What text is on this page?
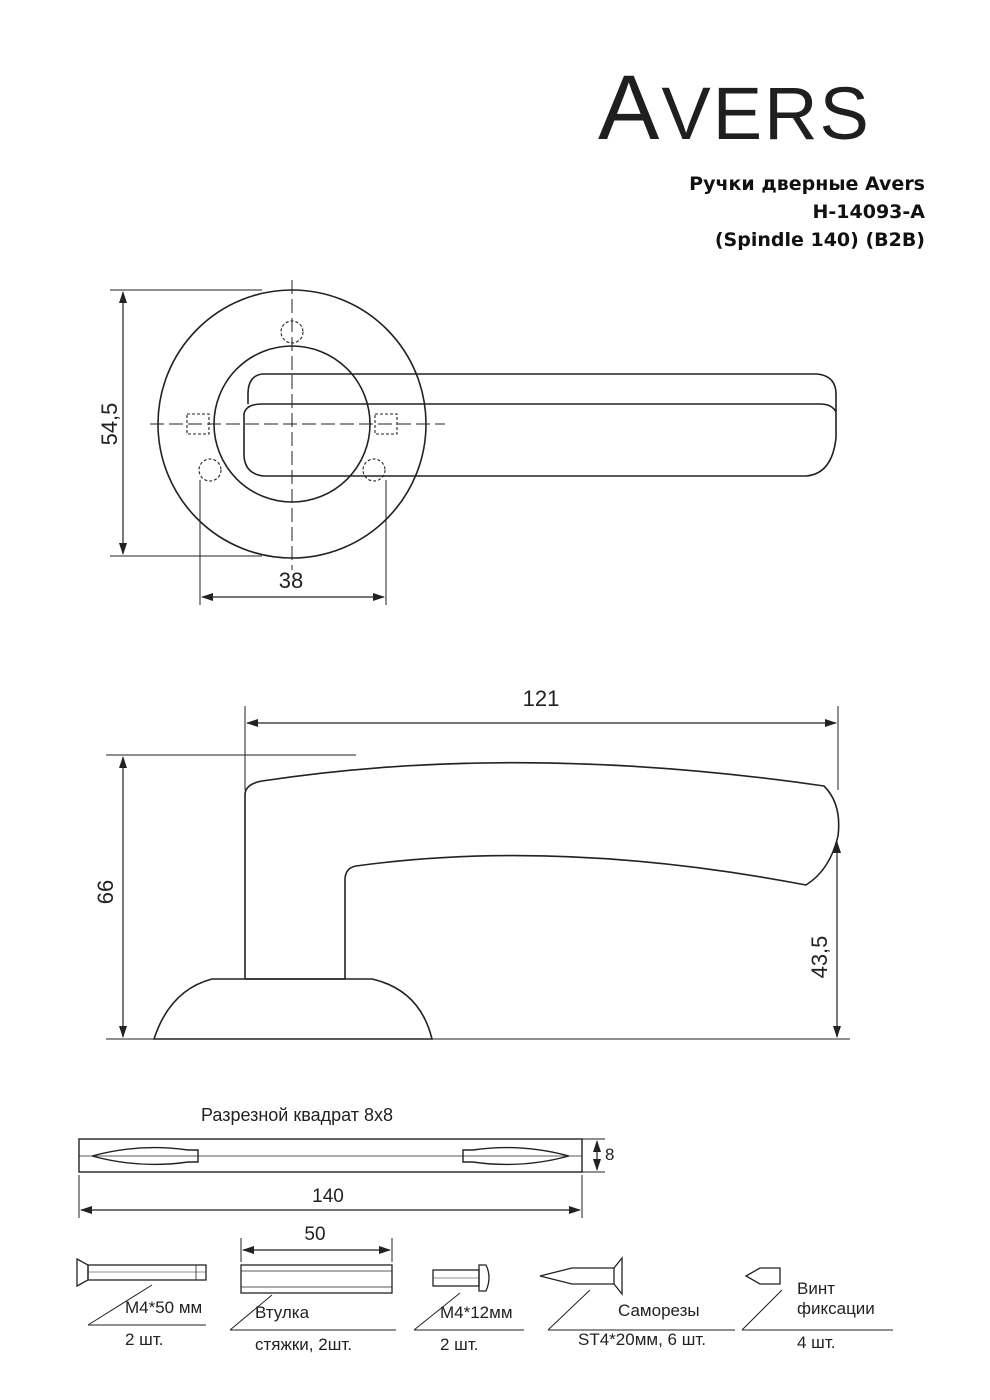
AVERS
Ручки дверные Avers
H-14093-A
(Spindle 140) (B2B)
54,5
38
121
66
43,5
Разрезной квадрат 8x8
8
140
M4*50 мм
2 шт.
50
Втулка
стяжки, 2шт.
M4*12мм
2 шт.
Саморезы
ST4*20мм, 6 шт.
Винт
фиксации
4 шт.
